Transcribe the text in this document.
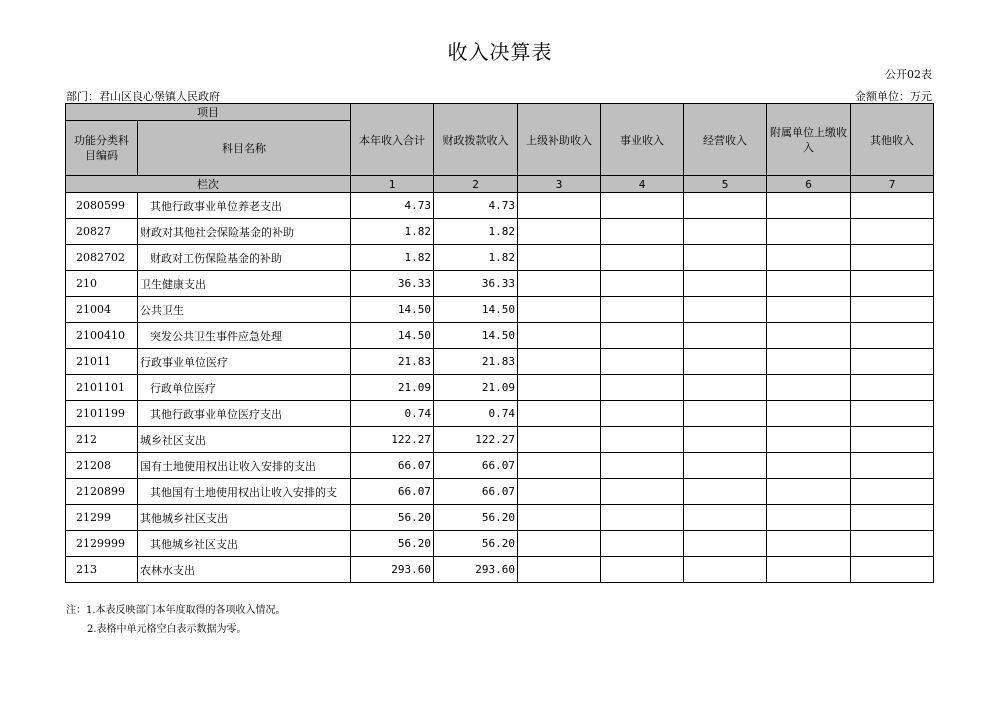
收入决算表
公开02表
部门：君山区良心堡镇人民政府	金额单位：万元
项目		本年收入合计	财政拨款收入	上级补助收入	事业收入	经营收入	附属单位上缴收入	其他收入
功能分类科目编码	科目名称							
栏次		1	2	3	4	5	6	7
2080599	其他行政事业单位养老支出	4.73	4.73					
20827	财政对其他社会保险基金的补助	1.82	1.82					
2082702	财政对工伤保险基金的补助	1.82	1.82					
210	卫生健康支出	36.33	36.33					
21004	公共卫生	14.50	14.50					
2100410	突发公共卫生事件应急处理	14.50	14.50					
21011	行政事业单位医疗	21.83	21.83					
2101101	行政单位医疗	21.09	21.09					
2101199	其他行政事业单位医疗支出	0.74	0.74					
212	城乡社区支出	122.27	122.27					
21208	国有土地使用权出让收入安排的支出	66.07	66.07					
2120899	其他国有土地使用权出让收入安排的支	66.07	66.07					
21299	其他城乡社区支出	56.20	56.20					
2129999	其他城乡社区支出	56.20	56.20					
213	农林水支出	293.60	293.60					
注：1.本表反映部门本年度取得的各项收入情况。
2.表格中单元格空白表示数据为零。
